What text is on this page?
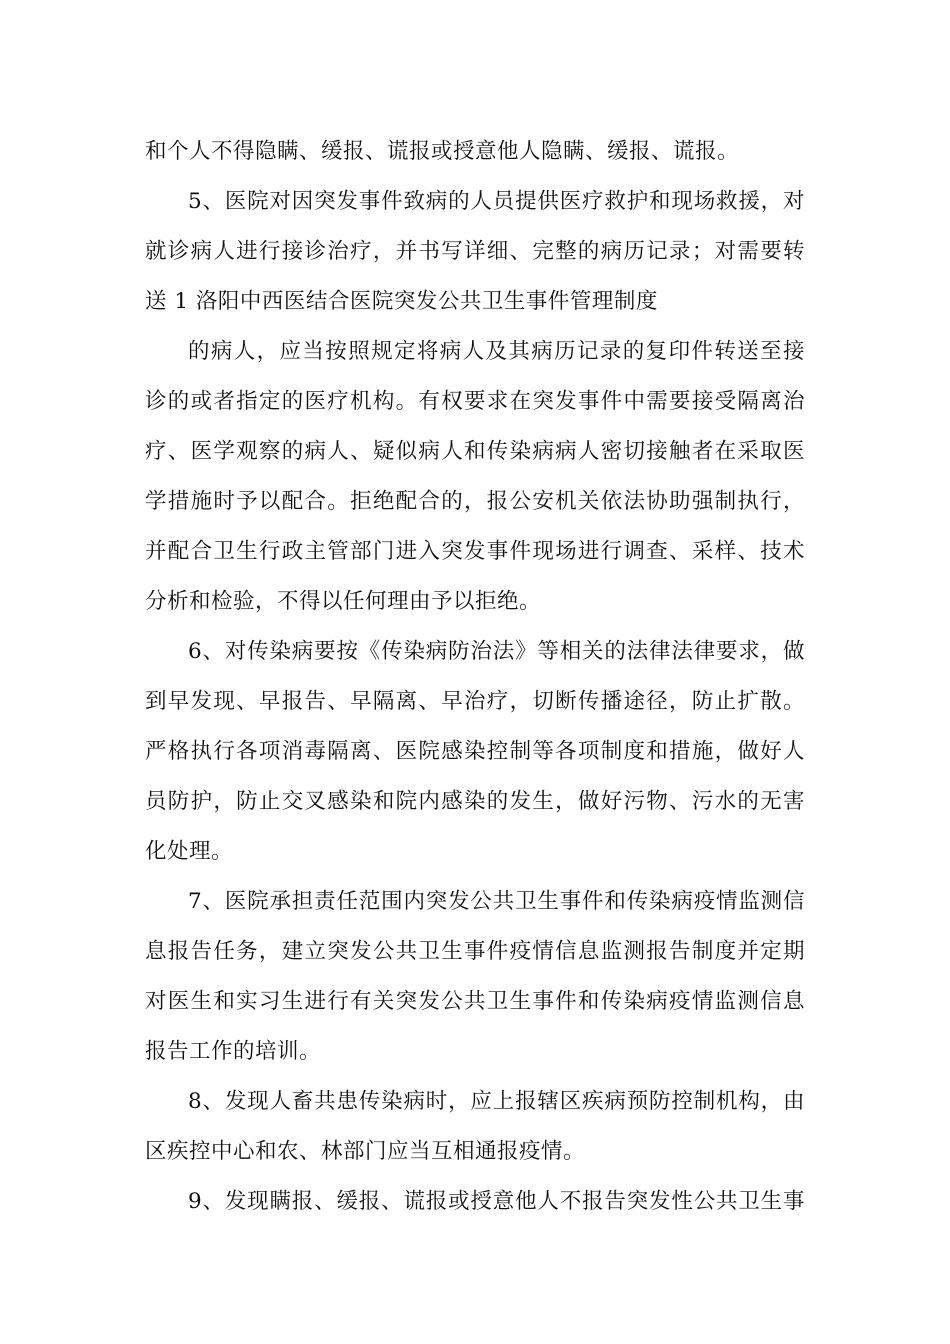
和个人不得隐瞒、缓报、谎报或授意他人隐瞒、缓报、谎报。
5、医院对因突发事件致病的人员提供医疗救护和现场救援，对
就诊病人进行接诊治疗，并书写详细、完整的病历记录；对需要转
送 1 洛阳中西医结合医院突发公共卫生事件管理制度
的病人，应当按照规定将病人及其病历记录的复印件转送至接
诊的或者指定的医疗机构。有权要求在突发事件中需要接受隔离治
疗、医学观察的病人、疑似病人和传染病病人密切接触者在采取医
学措施时予以配合。拒绝配合的，报公安机关依法协助强制执行，
并配合卫生行政主管部门进入突发事件现场进行调查、采样、技术
分析和检验，不得以任何理由予以拒绝。
6、对传染病要按《传染病防治法》等相关的法律法律要求，做
到早发现、早报告、早隔离、早治疗，切断传播途径，防止扩散。
严格执行各项消毒隔离、医院感染控制等各项制度和措施，做好人
员防护，防止交叉感染和院内感染的发生，做好污物、污水的无害
化处理。
7、医院承担责任范围内突发公共卫生事件和传染病疫情监测信
息报告任务，建立突发公共卫生事件疫情信息监测报告制度并定期
对医生和实习生进行有关突发公共卫生事件和传染病疫情监测信息
报告工作的培训。
8、发现人畜共患传染病时，应上报辖区疾病预防控制机构，由
区疾控中心和农、林部门应当互相通报疫情。
9、发现瞒报、缓报、谎报或授意他人不报告突发性公共卫生事
